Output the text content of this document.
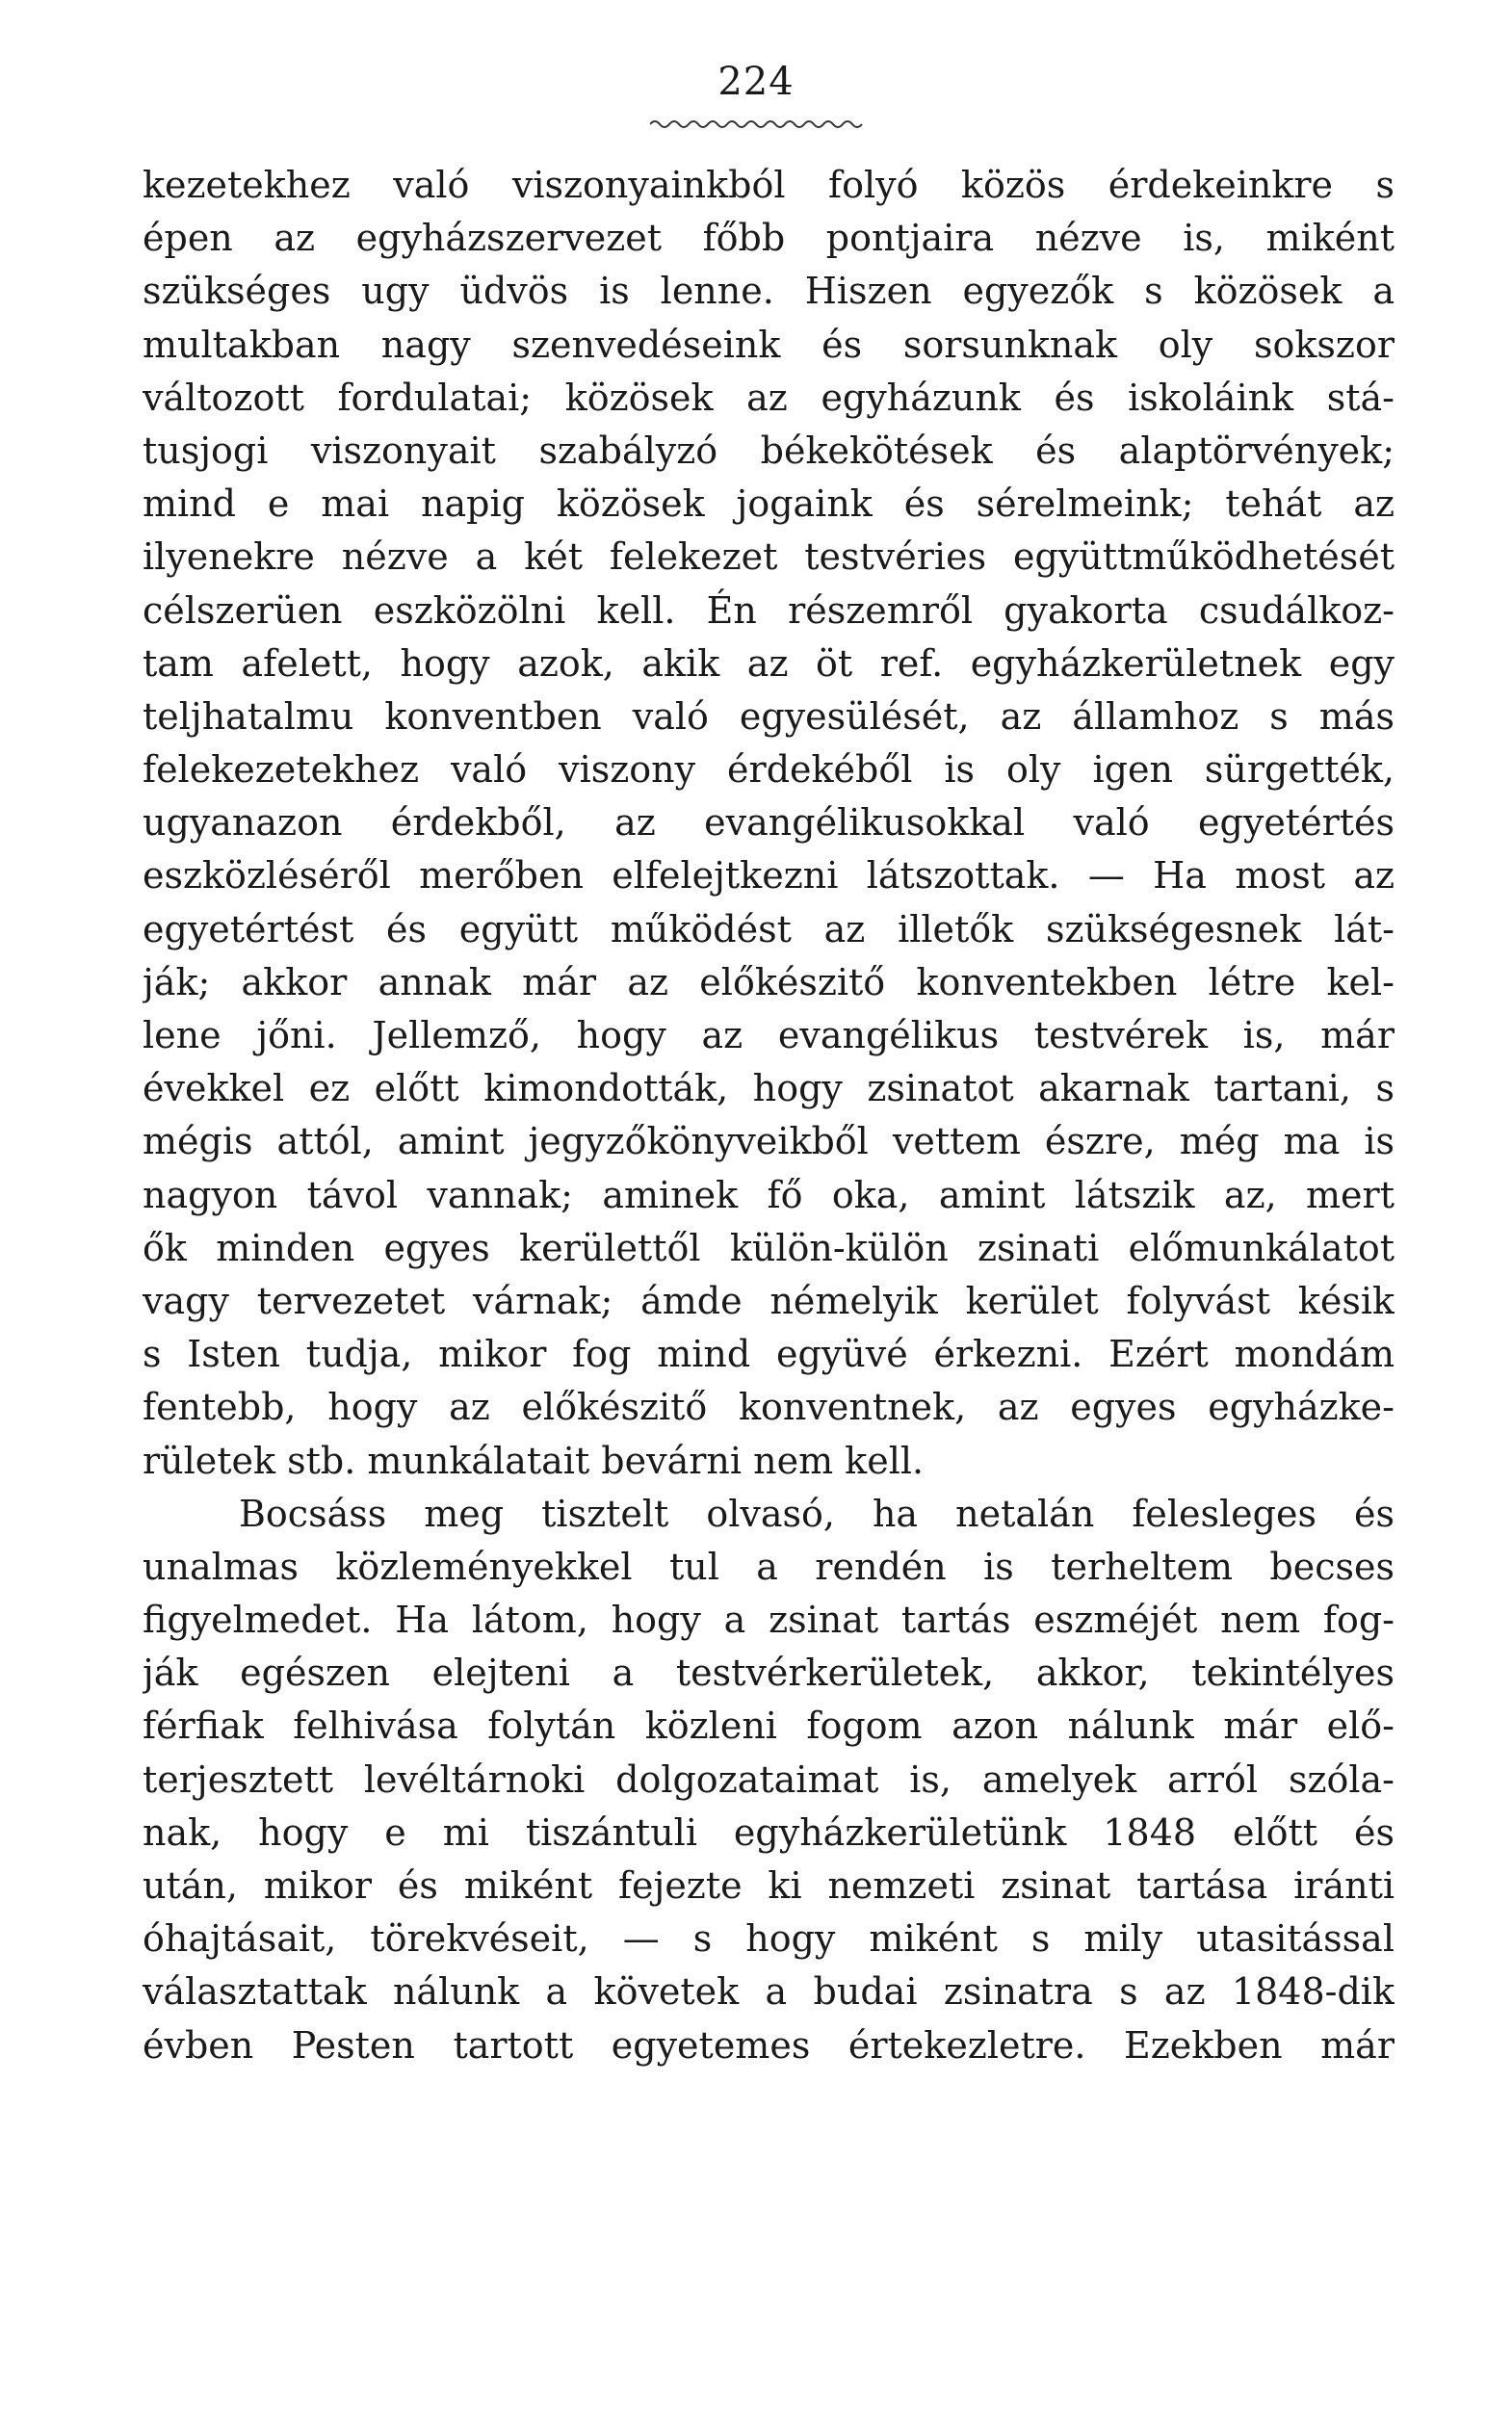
224
kezetekhez való viszonyainkból folyó közös érdekeinkre s
épen az egyházszervezet főbb pontjaira nézve is, miként
szükséges ugy üdvös is lenne. Hiszen egyezők s közösek a
multakban nagy szenvedéseink és sorsunknak oly sokszor
változott fordulatai; közösek az egyházunk és iskoláink stá-
tusjogi viszonyait szabályzó békekötések és alaptörvények;
mind e mai napig közösek jogaink és sérelmeink; tehát az
ilyenekre nézve a két felekezet testvéries együttműködhetését
célszerüen eszközölni kell. Én részemről gyakorta csudálkoz-
tam afelett, hogy azok, akik az öt ref. egyházkerületnek egy
teljhatalmu konventben való egyesülését, az államhoz s más
felekezetekhez való viszony érdekéből is oly igen sürgették,
ugyanazon érdekből, az evangélikusokkal való egyetértés
eszközléséről merőben elfelejtkezni látszottak. — Ha most az
egyetértést és együtt működést az illetők szükségesnek lát-
ják; akkor annak már az előkészitő konventekben létre kel-
lene jőni. Jellemző, hogy az evangélikus testvérek is, már
évekkel ez előtt kimondották, hogy zsinatot akarnak tartani, s
mégis attól, amint jegyzőkönyveikből vettem észre, még ma is
nagyon távol vannak; aminek fő oka, amint látszik az, mert
ők minden egyes kerülettől külön-külön zsinati előmunkálatot
vagy tervezetet várnak; ámde némelyik kerület folyvást késik
s Isten tudja, mikor fog mind együvé érkezni. Ezért mondám
fentebb, hogy az előkészitő konventnek, az egyes egyházke-
rületek stb. munkálatait bevárni nem kell.
Bocsáss meg tisztelt olvasó, ha netalán felesleges és
unalmas közleményekkel tul a rendén is terheltem becses
figyelmedet. Ha látom, hogy a zsinat tartás eszméjét nem fog-
ják egészen elejteni a testvérkerületek, akkor, tekintélyes
férfiak felhivása folytán közleni fogom azon nálunk már elő-
terjesztett levéltárnoki dolgozataimat is, amelyek arról szóla-
nak, hogy e mi tiszántuli egyházkerületünk 1848 előtt és
után, mikor és miként fejezte ki nemzeti zsinat tartása iránti
óhajtásait, törekvéseit, — s hogy miként s mily utasitással
választattak nálunk a követek a budai zsinatra s az 1848-dik
évben Pesten tartott egyetemes értekezletre. Ezekben már
